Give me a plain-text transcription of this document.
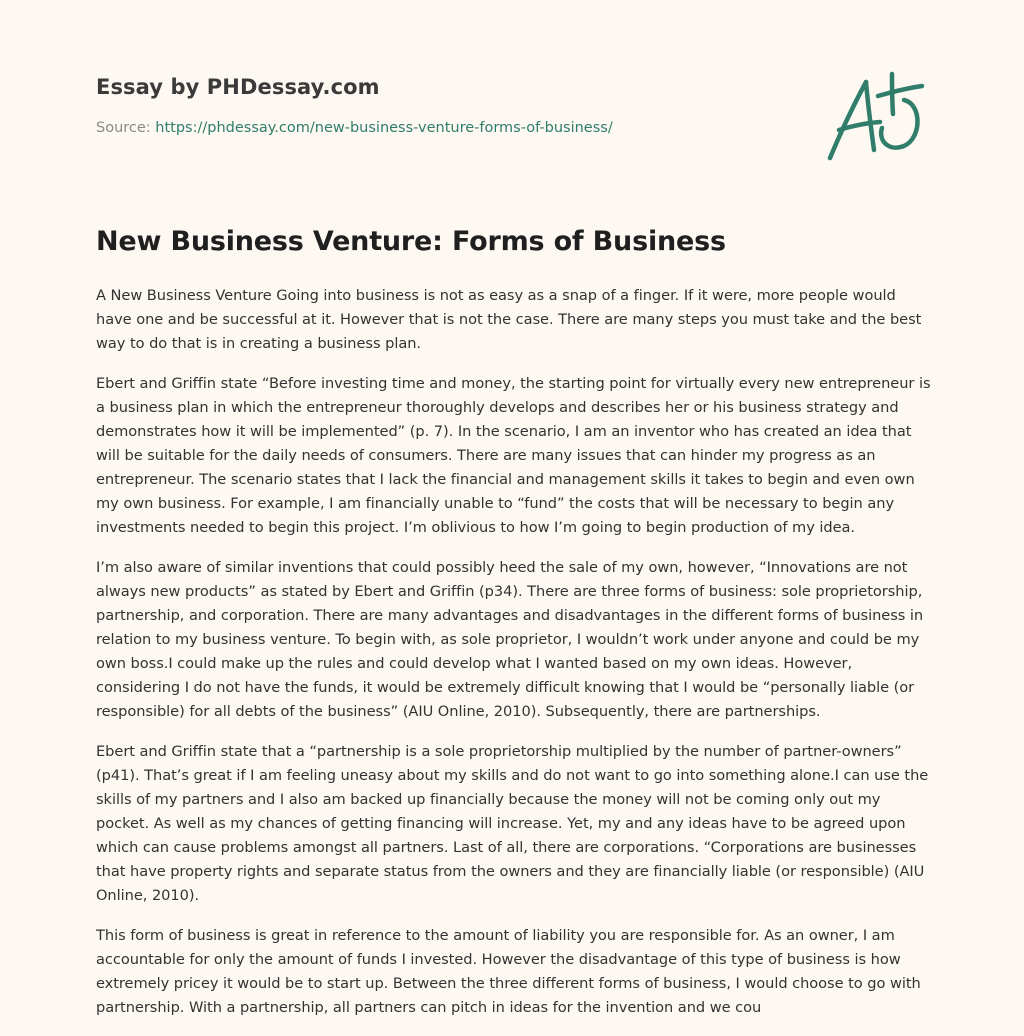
Essay by PHDessay.com
Source: https://phdessay.com/new-business-venture-forms-of-business/
New Business Venture: Forms of Business

A New Business Venture Going into business is not as easy as a snap of a finger. If it were, more people would have one and be successful at it. However that is not the case. There are many steps you must take and the best way to do that is in creating a business plan.

Ebert and Griffin state “Before investing time and money, the starting point for virtually every new entrepreneur is a business plan in which the entrepreneur thoroughly develops and describes her or his business strategy and demonstrates how it will be implemented” (p. 7). In the scenario, I am an inventor who has created an idea that will be suitable for the daily needs of consumers. There are many issues that can hinder my progress as an entrepreneur. The scenario states that I lack the financial and management skills it takes to begin and even own my own business. For example, I am financially unable to “fund” the costs that will be necessary to begin any investments needed to begin this project. I’m oblivious to how I’m going to begin production of my idea.

I’m also aware of similar inventions that could possibly heed the sale of my own, however, “Innovations are not always new products” as stated by Ebert and Griffin (p34). There are three forms of business: sole proprietorship, partnership, and corporation. There are many advantages and disadvantages in the different forms of business in relation to my business venture. To begin with, as sole proprietor, I wouldn’t work under anyone and could be my own boss.I could make up the rules and could develop what I wanted based on my own ideas. However, considering I do not have the funds, it would be extremely difficult knowing that I would be “personally liable (or responsible) for all debts of the business” (AIU Online, 2010). Subsequently, there are partnerships.

Ebert and Griffin state that a “partnership is a sole proprietorship multiplied by the number of partner-owners” (p41). That’s great if I am feeling uneasy about my skills and do not want to go into something alone.I can use the skills of my partners and I also am backed up financially because the money will not be coming only out my pocket. As well as my chances of getting financing will increase. Yet, my and any ideas have to be agreed upon which can cause problems amongst all partners. Last of all, there are corporations. “Corporations are businesses that have property rights and separate status from the owners and they are financially liable (or responsible) (AIU Online, 2010).

This form of business is great in reference to the amount of liability you are responsible for. As an owner, I am accountable for only the amount of funds I invested. However the disadvantage of this type of business is how extremely pricey it would be to start up. Between the three different forms of business, I would choose to go with partnership. With a partnership, all partners can pitch in ideas for the invention and we cou
